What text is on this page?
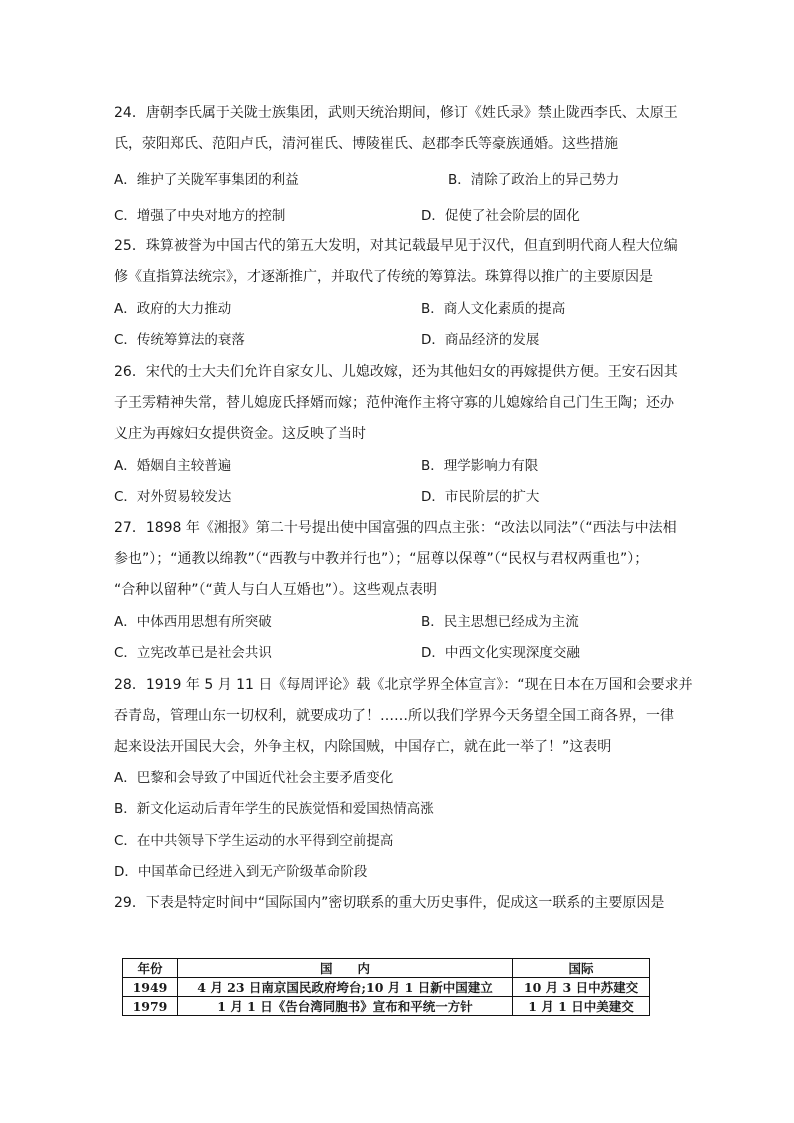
24．唐朝李氏属于关陇士族集团，武则天统治期间，修订《姓氏录》禁止陇西李氏、太原王
氏，荥阳郑氏、范阳卢氏，清河崔氏、博陵崔氏、赵郡李氏等豪族通婚。这些措施
A．维护了关陇军事集团的利益	B．清除了政治上的异己势力
C．增强了中央对地方的控制	D．促使了社会阶层的固化
25．珠算被誉为中国古代的第五大发明，对其记载最早见于汉代，但直到明代商人程大位编
修《直指算法统宗》，才逐渐推广，并取代了传统的筹算法。珠算得以推广的主要原因是
A．政府的大力推动	B．商人文化素质的提高
C．传统筹算法的衰落	D．商品经济的发展
26．宋代的士大夫们允许自家女儿、儿媳改嫁，还为其他妇女的再嫁提供方便。王安石因其
子王雱精神失常，替儿媳庞氏择婿而嫁；范仲淹作主将守寡的儿媳嫁给自己门生王陶；还办
义庄为再嫁妇女提供资金。这反映了当时
A．婚姻自主较普遍	B．理学影响力有限
C．对外贸易较发达	D．市民阶层的扩大
27．1898 年《湘报》第二十号提出使中国富强的四点主张：“改法以同法”（“西法与中法相
参也”）；“通教以绵教”（“西教与中教并行也”）；“屈尊以保尊”（“民权与君权两重也”）；
“合种以留种”（“黄人与白人互婚也”）。这些观点表明
A．中体西用思想有所突破	B．民主思想已经成为主流
C．立宪改革已是社会共识	D．中西文化实现深度交融
28．1919 年 5 月 11 日《每周评论》载《北京学界全体宣言》：“现在日本在万国和会要求并
吞青岛，管理山东一切权利，就要成功了！……所以我们学界今天务望全国工商各界，一律
起来设法开国民大会，外争主权，内除国贼，中国存亡，就在此一举了！”这表明
A．巴黎和会导致了中国近代社会主要矛盾变化
B．新文化运动后青年学生的民族觉悟和爱国热情高涨
C．在中共领导下学生运动的水平得到空前提高
D．中国革命已经进入到无产阶级革命阶段
29．下表是特定时间中“国际国内”密切联系的重大历史事件，促成这一联系的主要原因是
年份	国　　内	国际
1949	4 月 23 日南京国民政府垮台;10 月 1 日新中国建立	10 月 3 日中苏建交
1979	1 月 1 日《告台湾同胞书》宣布和平统一方针	1 月 1 日中美建交
